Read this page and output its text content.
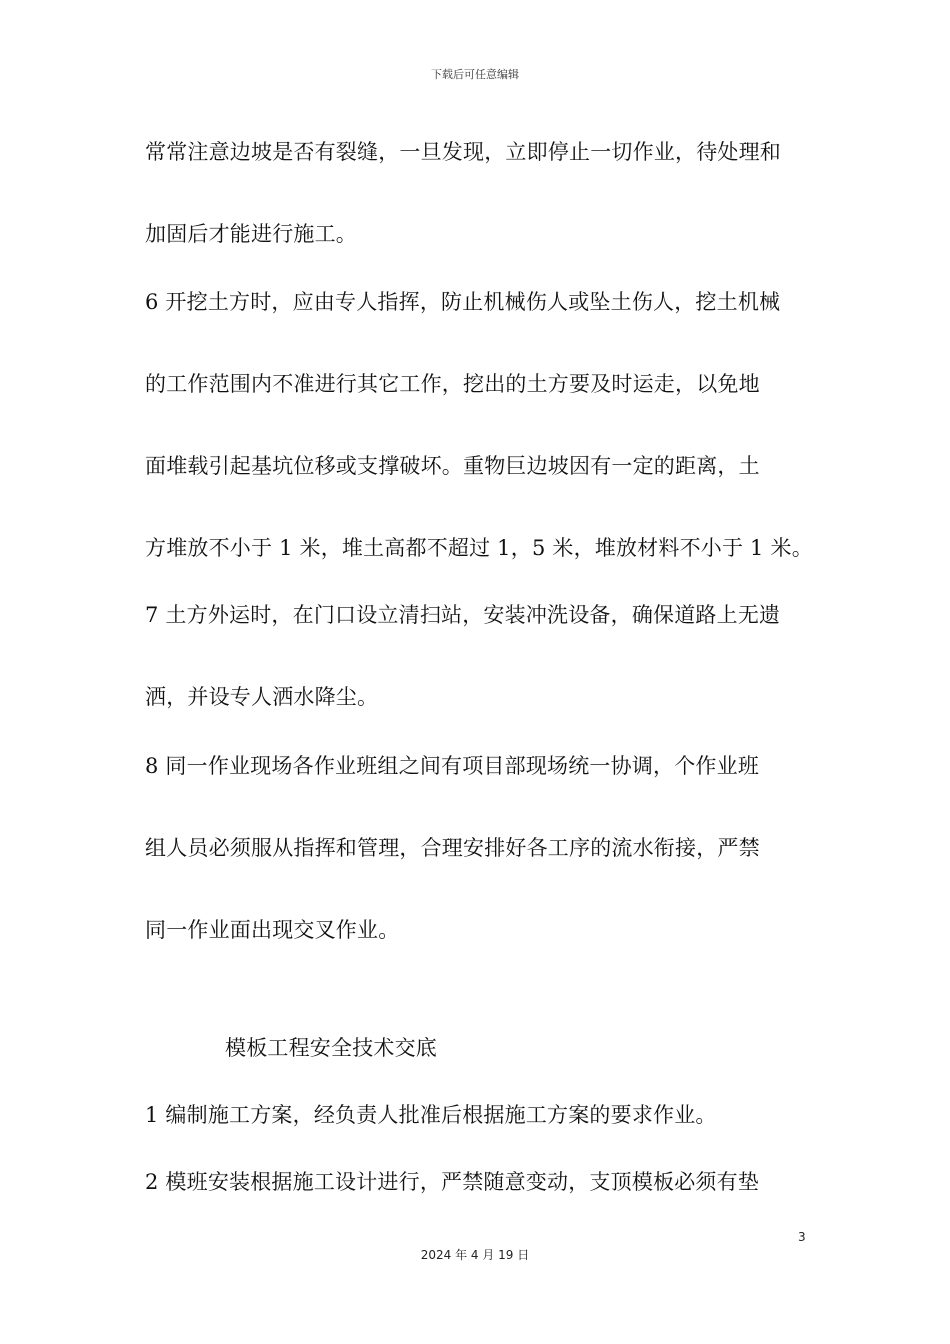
下载后可任意编辑
常常注意边坡是否有裂缝，一旦发现，立即停止一切作业，待处理和
加固后才能进行施工。
6 开挖土方时，应由专人指挥，防止机械伤人或坠土伤人，挖土机械
的工作范围内不准进行其它工作，挖出的土方要及时运走，以免地
面堆载引起基坑位移或支撑破坏。重物巨边坡因有一定的距离，土
方堆放不小于 1 米，堆土高都不超过 1，5 米，堆放材料不小于 1 米。
7 土方外运时，在门口设立清扫站，安装冲洗设备，确保道路上无遗
洒，并设专人洒水降尘。
8 同一作业现场各作业班组之间有项目部现场统一协调，个作业班
组人员必须服从指挥和管理，合理安排好各工序的流水衔接，严禁
同一作业面出现交叉作业。
模板工程安全技术交底
1 编制施工方案，经负责人批准后根据施工方案的要求作业。
2 模班安装根据施工设计进行，严禁随意变动，支顶模板必须有垫
3
2024 年 4 月 19 日
